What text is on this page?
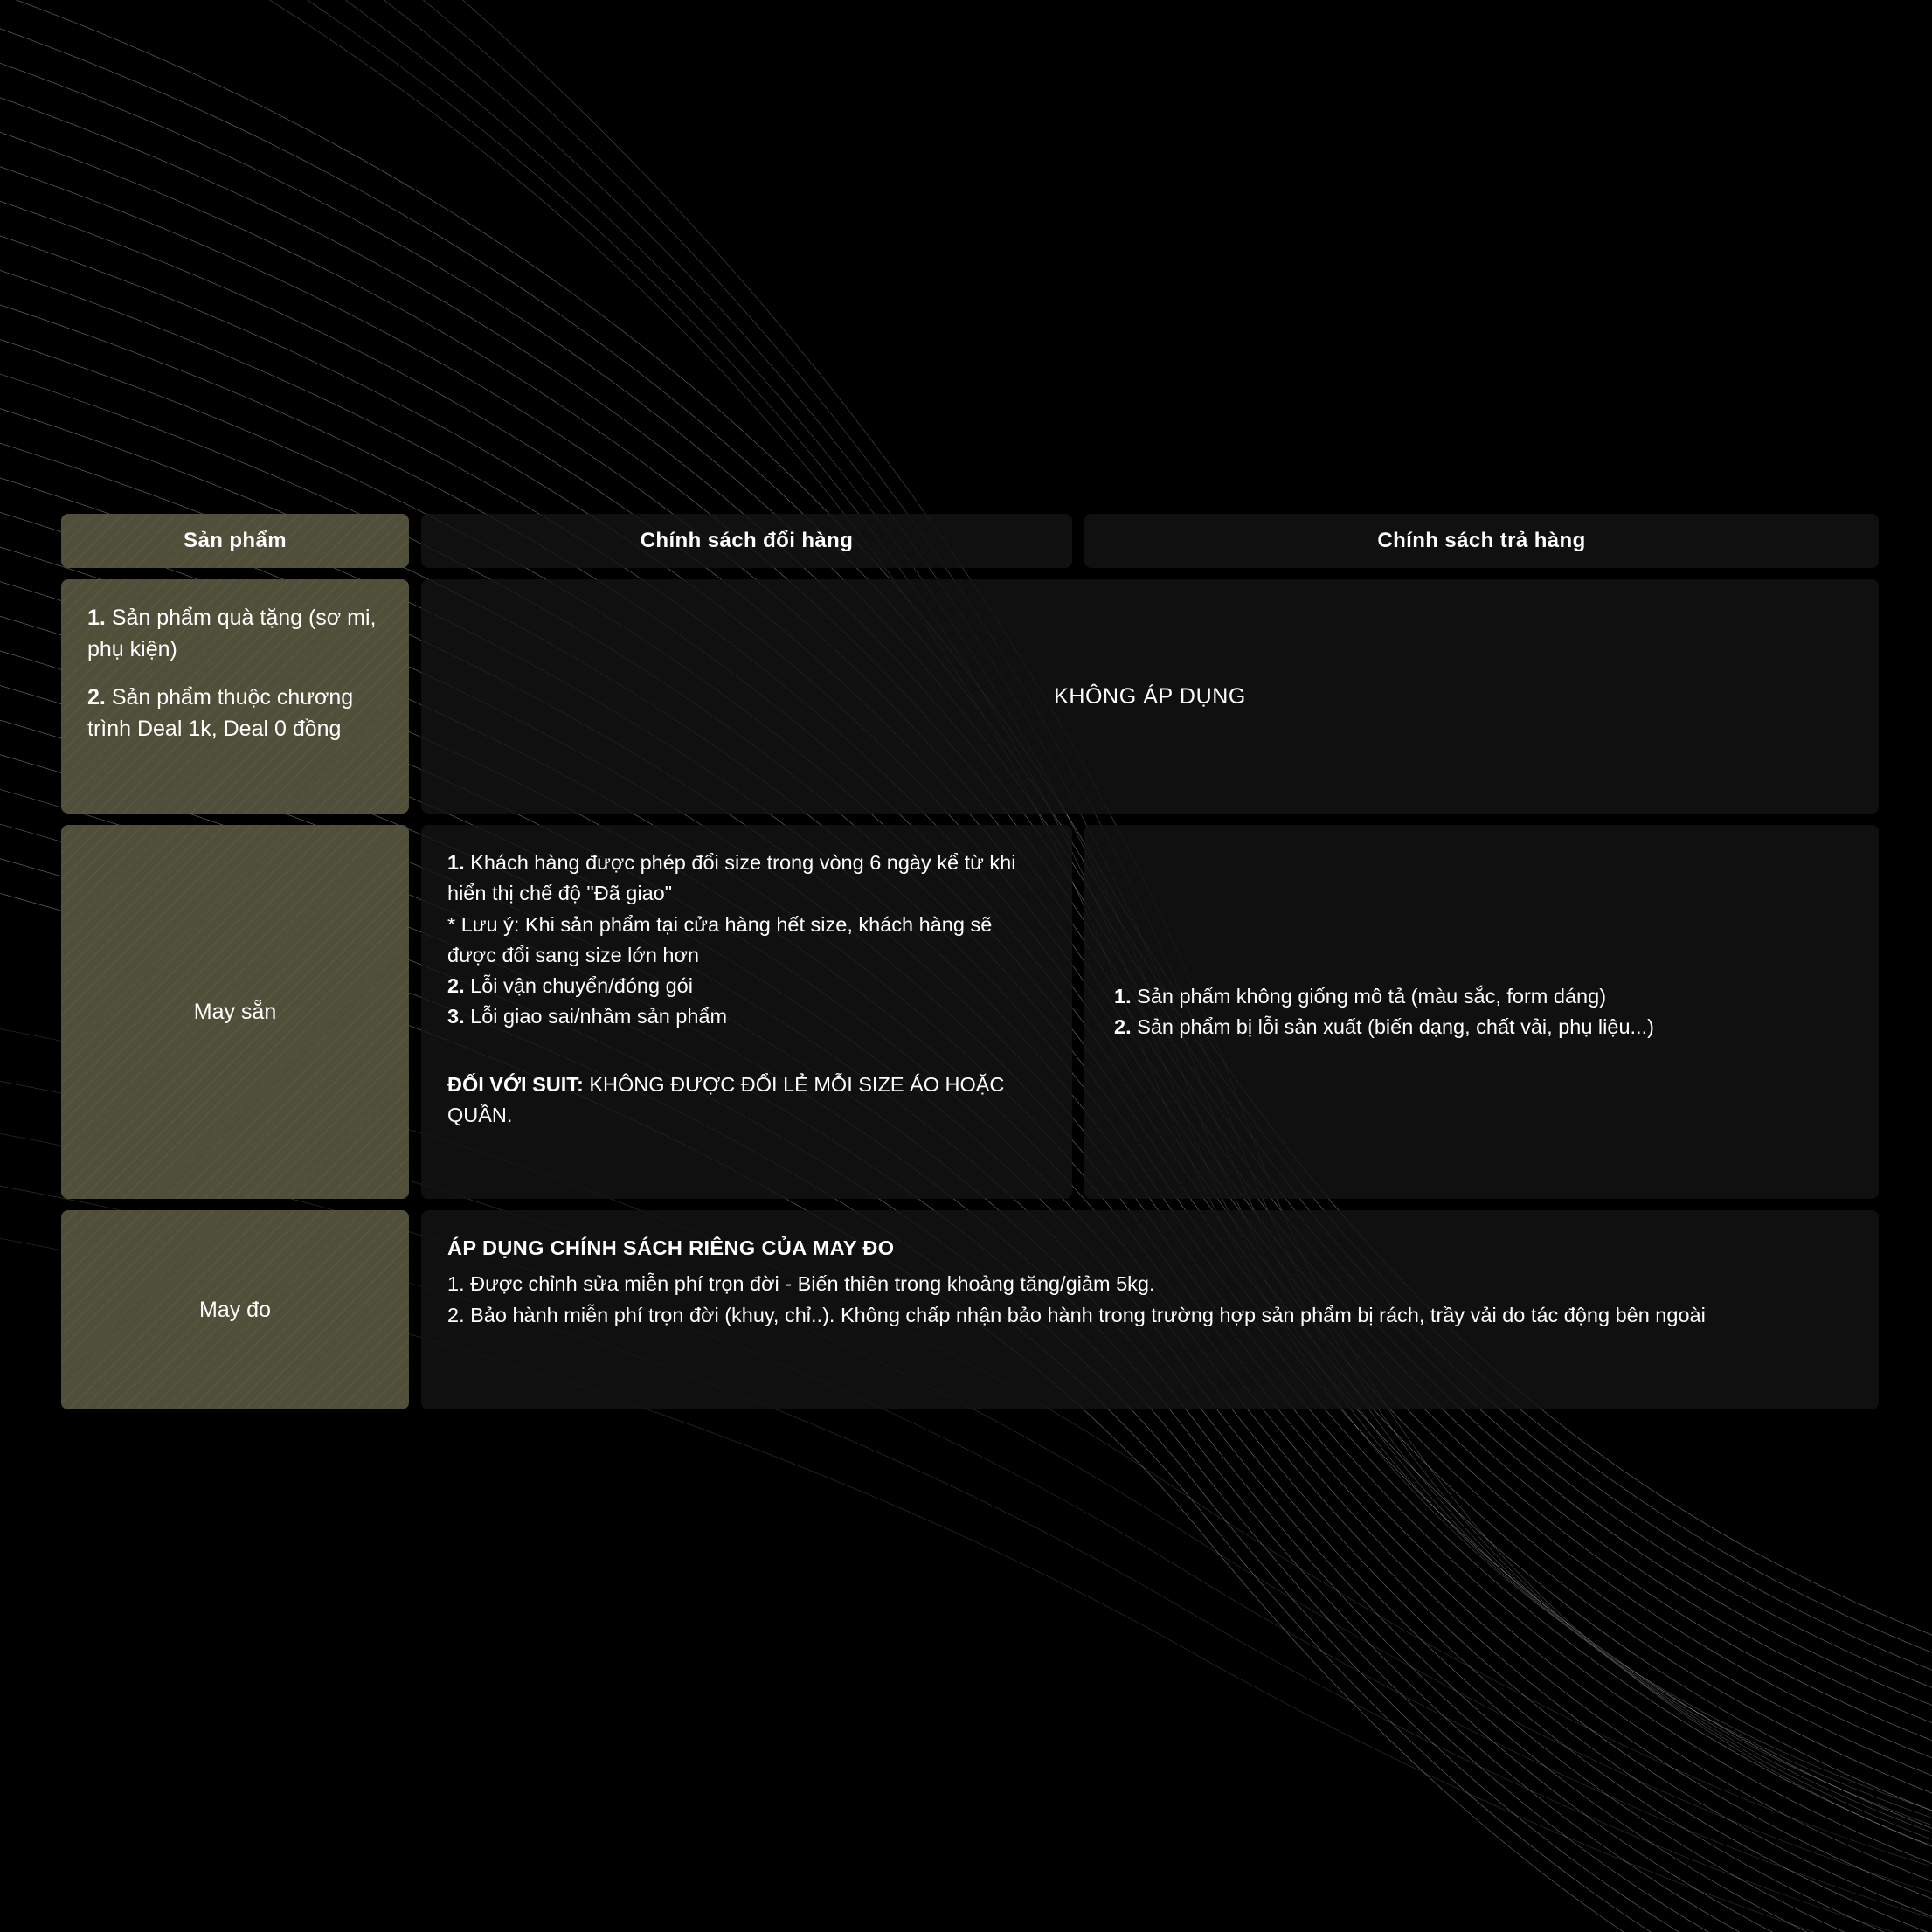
Sản phẩm	Chính sách đổi hàng	Chính sách trả hàng
1. Sản phẩm quà tặng (sơ mi, phụ kiện)
2. Sản phẩm thuộc chương trình Deal 1k, Deal 0 đồng
KHÔNG ÁP DỤNG
May sẵn
1. Khách hàng được phép đổi size trong vòng 6 ngày kể từ khi hiển thị chế độ "Đã giao"
* Lưu ý: Khi sản phẩm tại cửa hàng hết size, khách hàng sẽ được đổi sang size lớn hơn
2. Lỗi vận chuyển/đóng gói
3. Lỗi giao sai/nhầm sản phẩm
ĐỐI VỚI SUIT: KHÔNG ĐƯỢC ĐỔI LẺ MỖI SIZE ÁO HOẶC QUẦN.
1. Sản phẩm không giống mô tả (màu sắc, form dáng)
2. Sản phẩm bị lỗi sản xuất (biến dạng, chất vải, phụ liệu...)
May đo
ÁP DỤNG CHÍNH SÁCH RIÊNG CỦA MAY ĐO
1. Được chỉnh sửa miễn phí trọn đời - Biến thiên trong khoảng tăng/giảm 5kg.
2. Bảo hành miễn phí trọn đời (khuy, chỉ..). Không chấp nhận bảo hành trong trường hợp sản phẩm bị rách, trầy vải do tác động bên ngoài
